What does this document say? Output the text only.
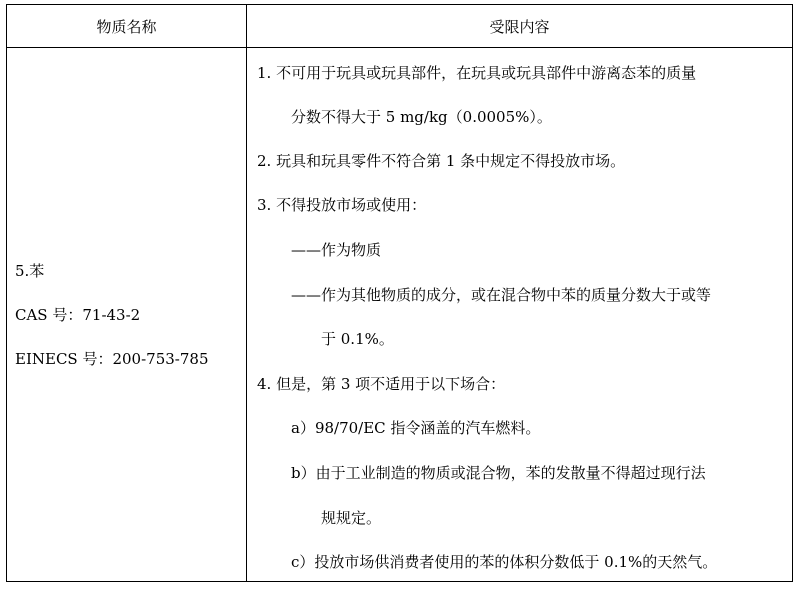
物质名称	受限内容
5.苯
CAS 号：71-43-2
EINECS 号：200-753-785
1. 不可用于玩具或玩具部件，在玩具或玩具部件中游离态苯的质量
分数不得大于 5 mg/kg（0.0005%）。
2. 玩具和玩具零件不符合第 1 条中规定不得投放市场。
3. 不得投放市场或使用：
——作为物质
——作为其他物质的成分，或在混合物中苯的质量分数大于或等
于 0.1%。
4. 但是，第 3 项不适用于以下场合：
a）98/70/EC 指令涵盖的汽车燃料。
b）由于工业制造的物质或混合物，苯的发散量不得超过现行法
规规定。
c）投放市场供消费者使用的苯的体积分数低于 0.1%的天然气。
